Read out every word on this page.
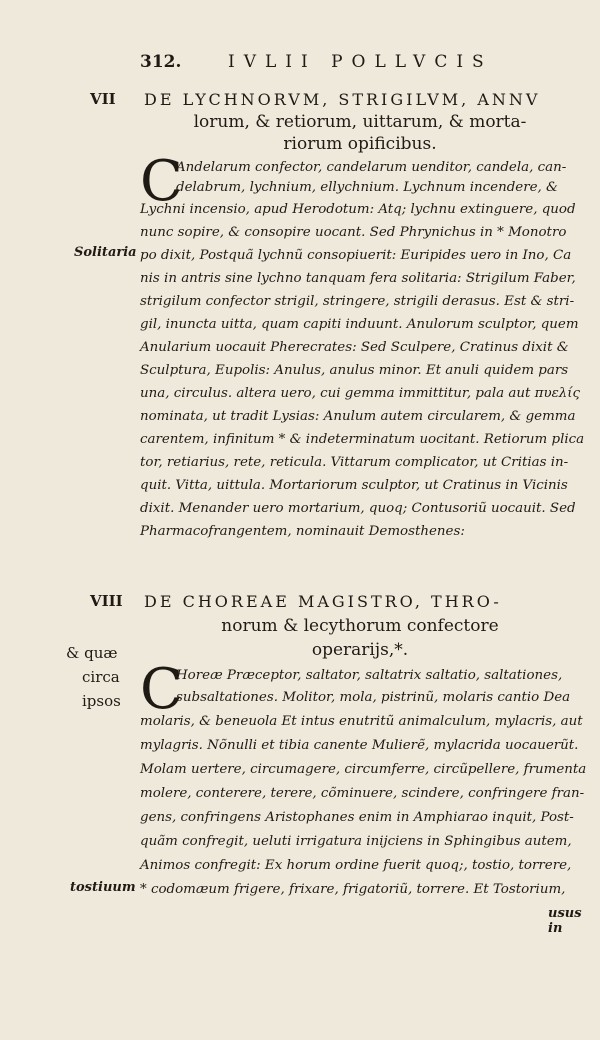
312.	IVLII POLLVCIS
VII DE LYCHNORVM, STRIGILVM, ANNV
lorum, & retiorum, uittarum, & morta-
riorum opificibus.
C
Andelarum confector, candelarum uenditor, candela, can-
delabrum, lychnium, ellychnium. Lychnum incendere, &
Lychni incensio, apud Herodotum: Atq; lychnu extinguere, quod
nunc sopire, & consopire uocant. Sed Phrynichus in * Monotro
po dixit, Postquã lychnũ consopiuerit: Euripides uero in Ino, Ca
nis in antris sine lychno tanquam fera solitaria: Strigilum Faber,
strigilum confector strigil, stringere, strigili derasus. Est & stri-
gil, inuncta uitta, quam capiti induunt. Anulorum sculptor, quem
Anularium uocauit Pherecrates: Sed Sculpere, Cratinus dixit &
Sculptura, Eupolis: Anulus, anulus minor. Et anuli quidem pars
una, circulus. altera uero, cui gemma immittitur, pala aut πυελίς
nominata, ut tradit Lysias: Anulum autem circularem, & gemma
carentem, infinitum * & indeterminatum uocitant. Retiorum plica
tor, retiarius, rete, reticula. Vittarum complicator, ut Critias in-
quit. Vitta, uittula. Mortariorum sculptor, ut Cratinus in Vicinis
dixit. Menander uero mortarium, quoq; Contusoriũ uocauit. Sed
Pharmacofrangentem, nominauit Demosthenes:
Solitaria
VIII DE CHOREAE MAGISTRO, THRO-
norum & lecythorum confectore
operarijs,*.
& quæ
circa
ipsos C
Horeæ Præceptor, saltator, saltatrix saltatio, saltationes,
subsaltationes. Molitor, mola, pistrinũ, molaris cantio Dea
molaris, & beneuola Et intus enutritũ animalculum, mylacris, aut
mylagris. Nõnulli et tibia canente Mulierẽ, mylacrida uocauerũt.
Molam uertere, circumagere, circumferre, circũpellere, frumenta
molere, conterere, terere, cõminuere, scindere, confringere fran-
gens, confringens Aristophanes enim in Amphiarao inquit, Post-
quãm confregit, ueluti irrigatura inijciens in Sphingibus autem,
Animos confregit: Ex horum ordine fuerit quoq;, tostio, torrere,
* codomæum frigere, frixare, frigatoriũ, torrere. Et Tostorium,
tostiuum
usus in
